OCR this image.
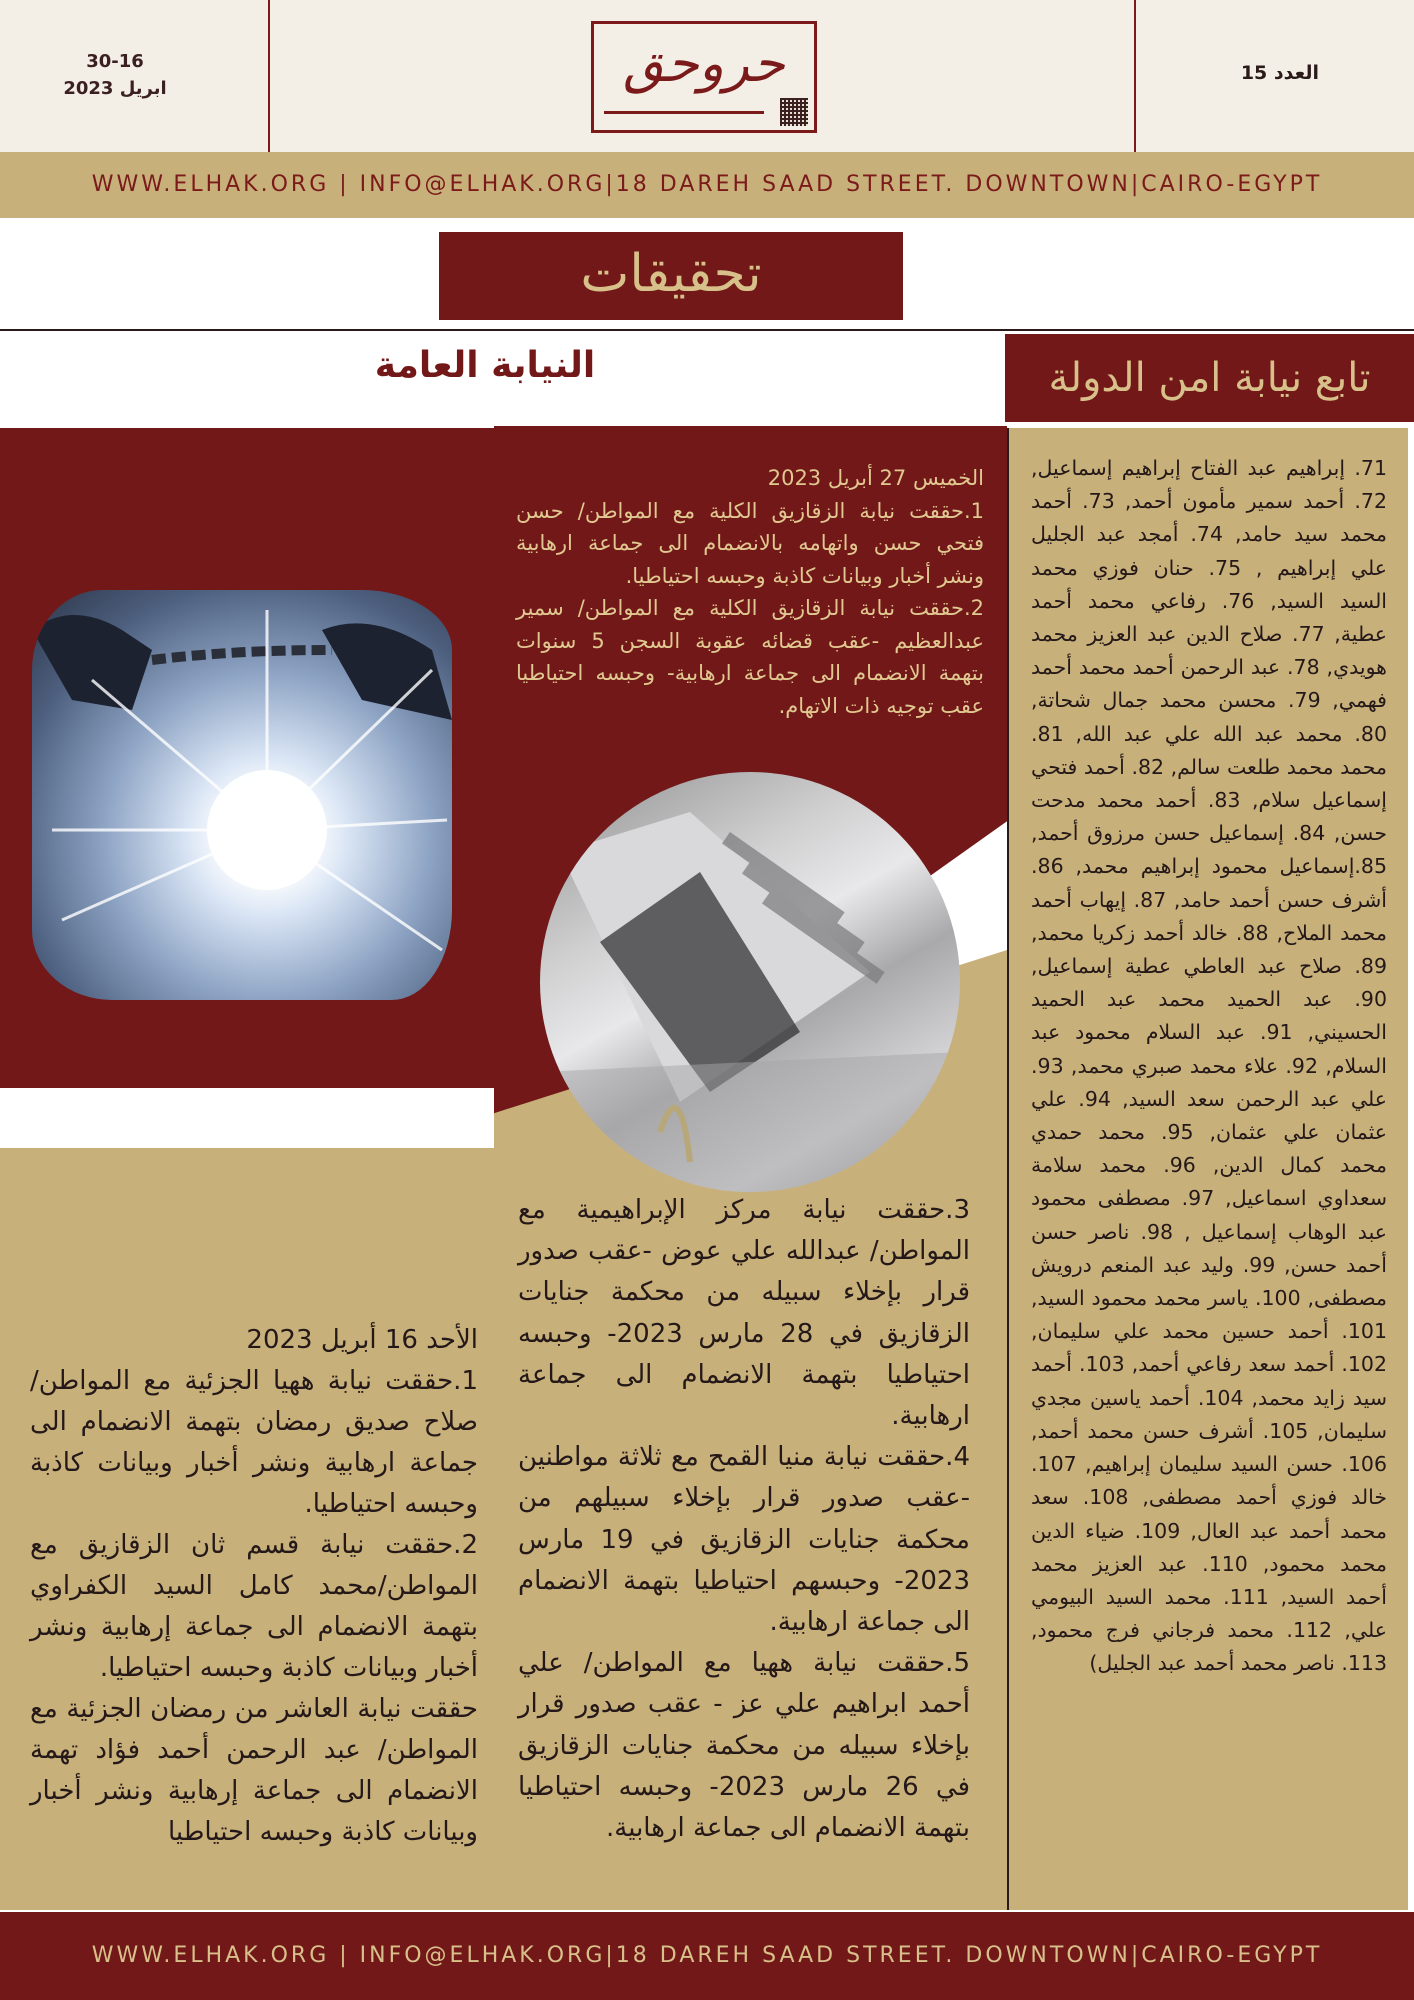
30-16
ابريل 2023
العدد 15
حروحق
WWW.ELHAK.ORG | INFO@ELHAK.ORG|18 DAREH SAAD STREET. DOWNTOWN|CAIRO-EGYPT
تحقيقات
تابع نيابة امن الدولة
71. إبراهيم عبد الفتاح إبراهيم إسماعيل, 72. أحمد سمير مأمون أحمد, 73. أحمد محمد سيد حامد, 74. أمجد عبد الجليل علي إبراهيم , 75. حنان فوزي محمد السيد السيد, 76. رفاعي محمد أحمد عطية, 77. صلاح الدين عبد العزيز محمد هويدي, 78. عبد الرحمن أحمد محمد أحمد فهمي, 79. محسن محمد جمال شحاتة, 80. محمد عبد الله علي عبد الله, 81. محمد محمد طلعت سالم, 82. أحمد فتحي إسماعيل سلام, 83. أحمد محمد مدحت حسن, 84. إسماعيل حسن مرزوق أحمد, 85.إسماعيل محمود إبراهيم محمد, 86. أشرف حسن أحمد حامد, 87. إيهاب أحمد محمد الملاح, 88. خالد أحمد زكريا محمد, 89. صلاح عبد العاطي عطية إسماعيل, 90. عبد الحميد محمد عبد الحميد الحسيني, 91. عبد السلام محمود عبد السلام, 92. علاء محمد صبري محمد, 93. علي عبد الرحمن سعد السيد, 94. علي عثمان علي عثمان, 95. محمد حمدي محمد كمال الدين, 96. محمد سلامة سعداوي اسماعيل, 97. مصطفى محمود عبد الوهاب إسماعيل , 98. ناصر حسن أحمد حسن, 99. وليد عبد المنعم درويش مصطفى, 100. ياسر محمد محمود السيد, 101. أحمد حسين محمد علي سليمان, 102. أحمد سعد رفاعي أحمد, 103. أحمد سيد زايد محمد, 104. أحمد ياسين مجدي سليمان, 105. أشرف حسن محمد أحمد, 106. حسن السيد سليمان إبراهيم, 107. خالد فوزي أحمد مصطفى, 108. سعد محمد أحمد عبد العال, 109. ضياء الدين محمد محمود, 110. عبد العزيز محمد أحمد السيد, 111. محمد السيد البيومي علي, 112. محمد فرجاني فرج محمود, 113. ناصر محمد أحمد عبد الجليل)
النيابة العامة

الخميس 27 أبريل 2023

1.حققت نيابة الزقازيق الكلية مع المواطن/ حسن فتحي حسن واتهامه بالانضمام الى جماعة ارهابية ونشر أخبار وبيانات كاذبة وحبسه احتياطيا.

2.حققت نيابة الزقازيق الكلية مع المواطن/ سمير عبدالعظيم -عقب قضائه عقوبة السجن 5 سنوات بتهمة الانضمام الى جماعة ارهابية- وحبسه احتياطيا عقب توجيه ذات الاتهام.

3.حققت نيابة مركز الإبراهيمية مع المواطن/ عبدالله علي عوض -عقب صدور قرار بإخلاء سبيله من محكمة جنايات الزقازيق في 28 مارس 2023- وحبسه احتياطيا بتهمة الانضمام الى جماعة ارهابية.

4.حققت نيابة منيا القمح مع ثلاثة مواطنين -عقب صدور قرار بإخلاء سبيلهم من محكمة جنايات الزقازيق في 19 مارس 2023- وحبسهم احتياطيا بتهمة الانضمام الى جماعة ارهابية.

5.حققت نيابة ههيا مع المواطن/ علي أحمد ابراهيم علي عز - عقب صدور قرار بإخلاء سبيله من محكمة جنايات الزقازيق في 26 مارس 2023- وحبسه احتياطيا بتهمة الانضمام الى جماعة ارهابية.

الأحد 16 أبريل 2023

1.حققت نيابة ههيا الجزئية مع المواطن/ صلاح صديق رمضان بتهمة الانضمام الى جماعة ارهابية ونشر أخبار وبيانات كاذبة وحبسه احتياطيا.

2.حققت نيابة قسم ثان الزقازيق مع المواطن/محمد كامل السيد الكفراوي بتهمة الانضمام الى جماعة إرهابية ونشر أخبار وبيانات كاذبة وحبسه احتياطيا.

حققت نيابة العاشر من رمضان الجزئية مع المواطن/ عبد الرحمن أحمد فؤاد تهمة الانضمام الى جماعة إرهابية ونشر أخبار وبيانات كاذبة وحبسه احتياطيا

WWW.ELHAK.ORG | INFO@ELHAK.ORG|18 DAREH SAAD STREET. DOWNTOWN|CAIRO-EGYPT
